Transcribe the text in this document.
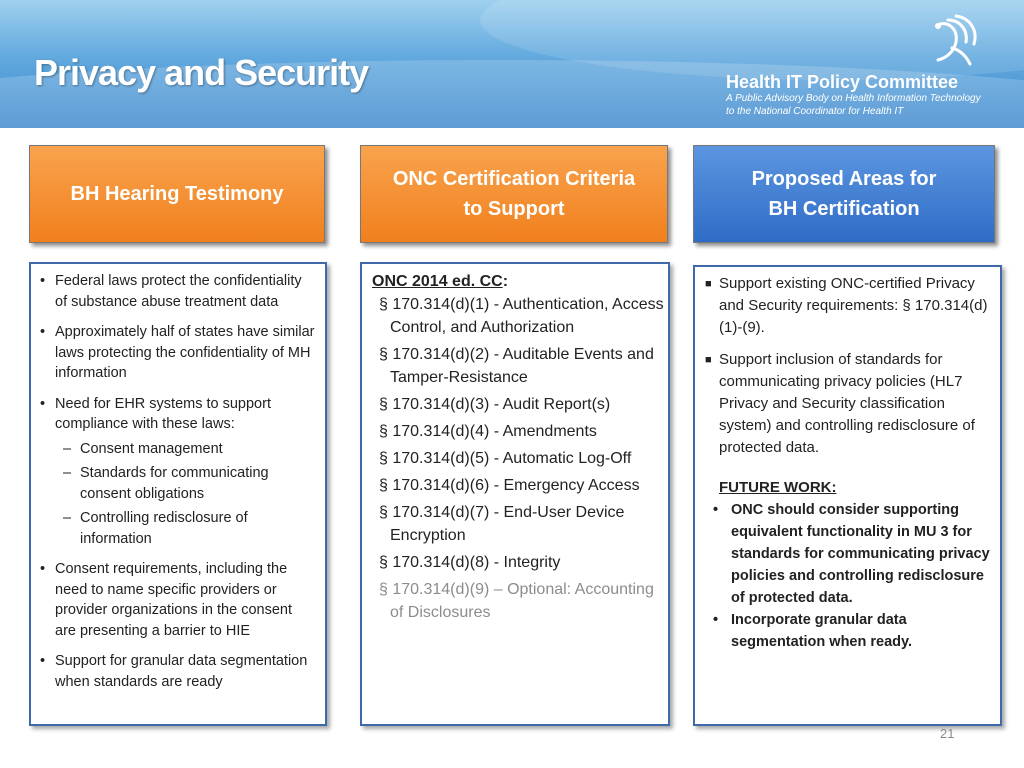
Privacy and Security	Health IT Policy Committee
A Public Advisory Body on Health Information Technology
to the National Coordinator for Health IT
BH Hearing Testimony
ONC Certification Criteria
to Support
Proposed Areas for
BH Certification
• Federal laws protect the confidentiality of substance abuse treatment data
• Approximately half of states have similar laws protecting the confidentiality of MH information
• Need for EHR systems to support compliance with these laws:
– Consent management
– Standards for communicating consent obligations
– Controlling redisclosure of information
• Consent requirements, including the need to name specific providers or provider organizations in the consent are presenting a barrier to HIE
• Support for granular data segmentation when standards are ready
ONC 2014 ed. CC:
§ 170.314(d)(1) - Authentication, Access Control, and Authorization
§ 170.314(d)(2) - Auditable Events and Tamper-Resistance
§ 170.314(d)(3) - Audit Report(s)
§ 170.314(d)(4) - Amendments
§ 170.314(d)(5) - Automatic Log-Off
§ 170.314(d)(6) - Emergency Access
§ 170.314(d)(7) - End-User Device Encryption
§ 170.314(d)(8) - Integrity
§ 170.314(d)(9) – Optional: Accounting of Disclosures
■ Support existing ONC-certified Privacy and Security requirements: § 170.314(d)(1)-(9).
■ Support inclusion of standards for communicating privacy policies (HL7 Privacy and Security classification system) and controlling redisclosure of protected data.
FUTURE WORK:
• ONC should consider supporting equivalent functionality in MU 3 for standards for communicating privacy policies and controlling redisclosure of protected data.
• Incorporate granular data segmentation when ready.
21
